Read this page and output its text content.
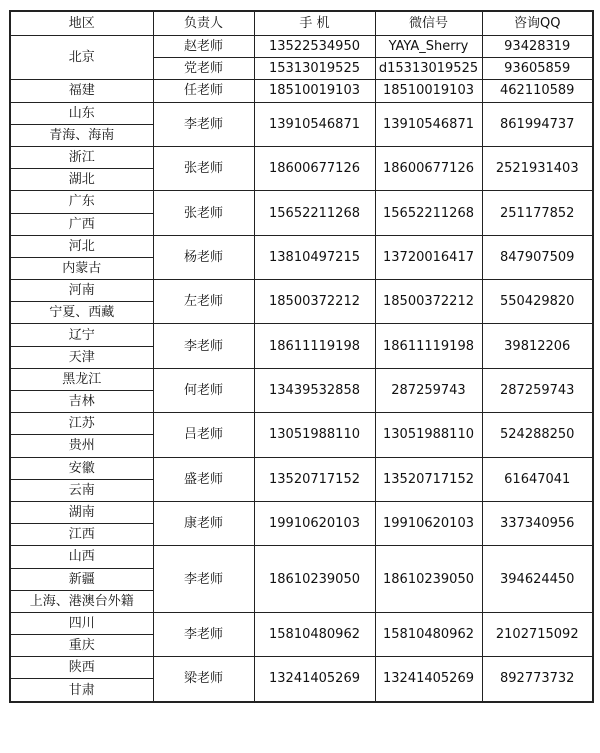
地区	负责人	手 机	微信号	咨询QQ
北京	赵老师	13522534950	YAYA_Sherry	93428319
	党老师	15313019525	d15313019525	93605859
福建	任老师	18510019103	18510019103	462110589
山东	李老师	13910546871	13910546871	861994737
青海、海南				
浙江	张老师	18600677126	18600677126	2521931403
湖北				
广东	张老师	15652211268	15652211268	251177852
广西				
河北	杨老师	13810497215	13720016417	847907509
内蒙古				
河南	左老师	18500372212	18500372212	550429820
宁夏、西藏				
辽宁	李老师	18611119198	18611119198	39812206
天津				
黑龙江	何老师	13439532858	287259743	287259743
吉林				
江苏	吕老师	13051988110	13051988110	524288250
贵州				
安徽	盛老师	13520717152	13520717152	61647041
云南				
湖南	康老师	19910620103	19910620103	337340956
江西				
山西	李老师	18610239050	18610239050	394624450
新疆				
上海、港澳台外籍				
四川	李老师	15810480962	15810480962	2102715092
重庆				
陕西	梁老师	13241405269	13241405269	892773732
甘肃				
